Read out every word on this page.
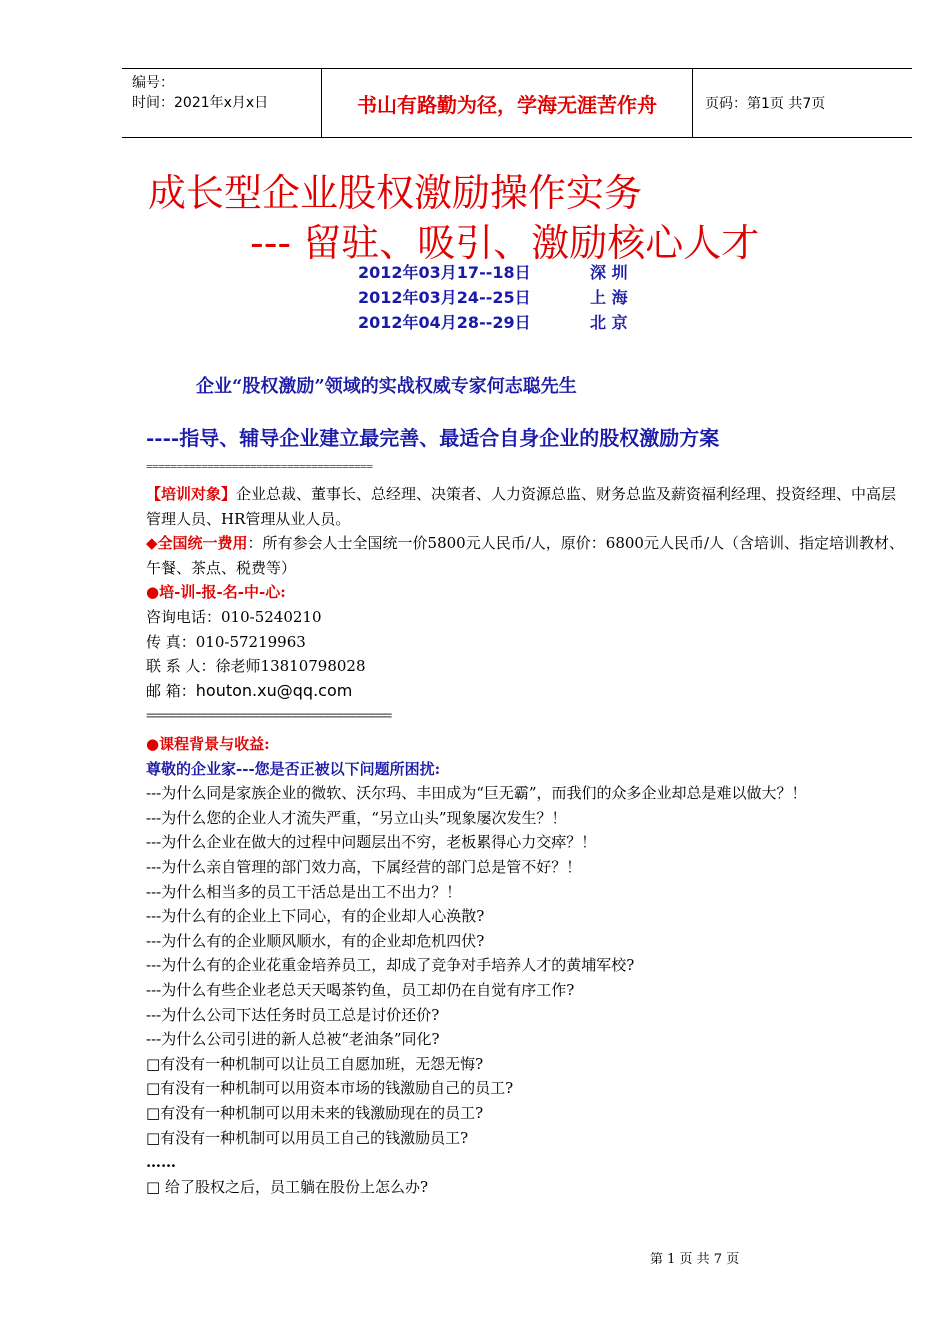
编号：
时间：2021年x月x日	书山有路勤为径，学海无涯苦作舟	页码：第1页 共7页
成长型企业股权激励操作实务
--- 留驻、吸引、激励核心人才
2012年03月17--18日	深 圳
2012年03月24--25日	上 海
2012年04月28--29日	北 京
企业“股权激励”领域的实战权威专家何志聪先生
----指导、辅导企业建立最完善、最适合自身企业的股权激励方案
=====================================
【培训对象】企业总裁、董事长、总经理、决策者、人力资源总监、财务总监及薪资福利经理、投资经理、中高层管理人员、HR管理从业人员。
◆全国统一费用：所有参会人士全国统一价5800元人民币/人，原价：6800元人民币/人（含培训、指定培训教材、午餐、茶点、税费等）
●培-训-报-名-中-心:
咨询电话：010-5240210
传 真：010-57219963
联 系 人：徐老师13810798028
邮 箱：houton.xu@qq.com
======================================
●课程背景与收益:
尊敬的企业家---您是否正被以下问题所困扰:
---为什么同是家族企业的微软、沃尔玛、丰田成为“巨无霸”，而我们的众多企业却总是难以做大？！
---为什么您的企业人才流失严重，“另立山头”现象屡次发生？！
---为什么企业在做大的过程中问题层出不穷，老板累得心力交瘁？！
---为什么亲自管理的部门效力高，下属经营的部门总是管不好？！
---为什么相当多的员工干活总是出工不出力？！
---为什么有的企业上下同心，有的企业却人心涣散?
---为什么有的企业顺风顺水，有的企业却危机四伏?
---为什么有的企业花重金培养员工，却成了竞争对手培养人才的黄埔军校?
---为什么有些企业老总天天喝茶钓鱼，员工却仍在自觉有序工作?
---为什么公司下达任务时员工总是讨价还价?
---为什么公司引进的新人总被“老油条”同化?
□有没有一种机制可以让员工自愿加班，无怨无悔?
□有没有一种机制可以用资本市场的钱激励自己的员工?
□有没有一种机制可以用未来的钱激励现在的员工?
□有没有一种机制可以用员工自己的钱激励员工?
……
□ 给了股权之后，员工躺在股份上怎么办?
第 1 页 共 7 页
